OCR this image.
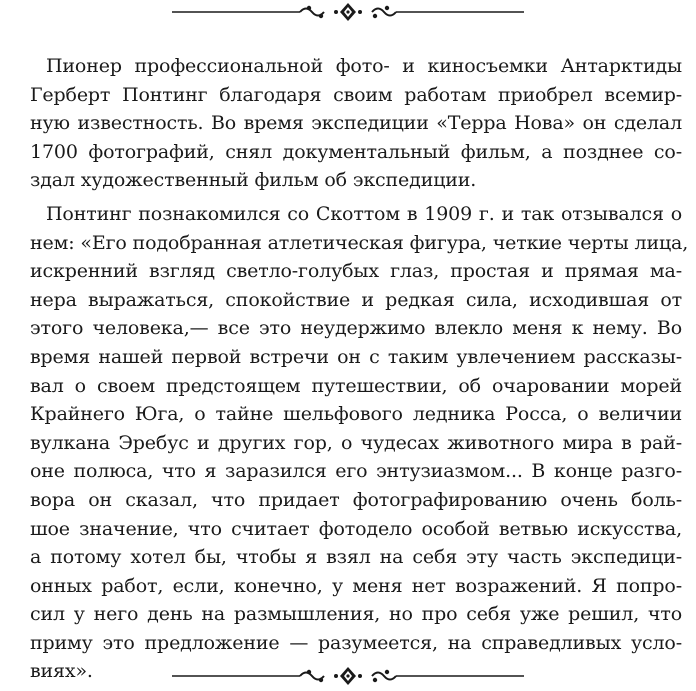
Пионер профессиональной фото- и киносъемки Антарктиды
Герберт Понтинг благодаря своим работам приобрел всемир-
ную известность. Во время экспедиции «Терра Нова» он сделал
1700 фотографий, снял документальный фильм, а позднее со-
здал художественный фильм об экспедиции.
Понтинг познакомился со Скоттом в 1909 г. и так отзывался о
нем: «Его подобранная атлетическая фигура, четкие черты лица,
искренний взгляд светло-голубых глаз, простая и прямая ма-
нера выражаться, спокойствие и редкая сила, исходившая от
этого человека,— все это неудержимо влекло меня к нему. Во
время нашей первой встречи он с таким увлечением рассказы-
вал о своем предстоящем путешествии, об очаровании морей
Крайнего Юга, о тайне шельфового ледника Росса, о величии
вулкана Эребус и других гор, о чудесах животного мира в рай-
оне полюса, что я заразился его энтузиазмом... В конце разго-
вора он сказал, что придает фотографированию очень боль-
шое значение, что считает фотодело особой ветвью искусства,
а потому хотел бы, чтобы я взял на себя эту часть экспедици-
онных работ, если, конечно, у меня нет возражений. Я попро-
сил у него день на размышления, но про себя уже решил, что
приму это предложение — разумеется, на справедливых усло-
виях».
